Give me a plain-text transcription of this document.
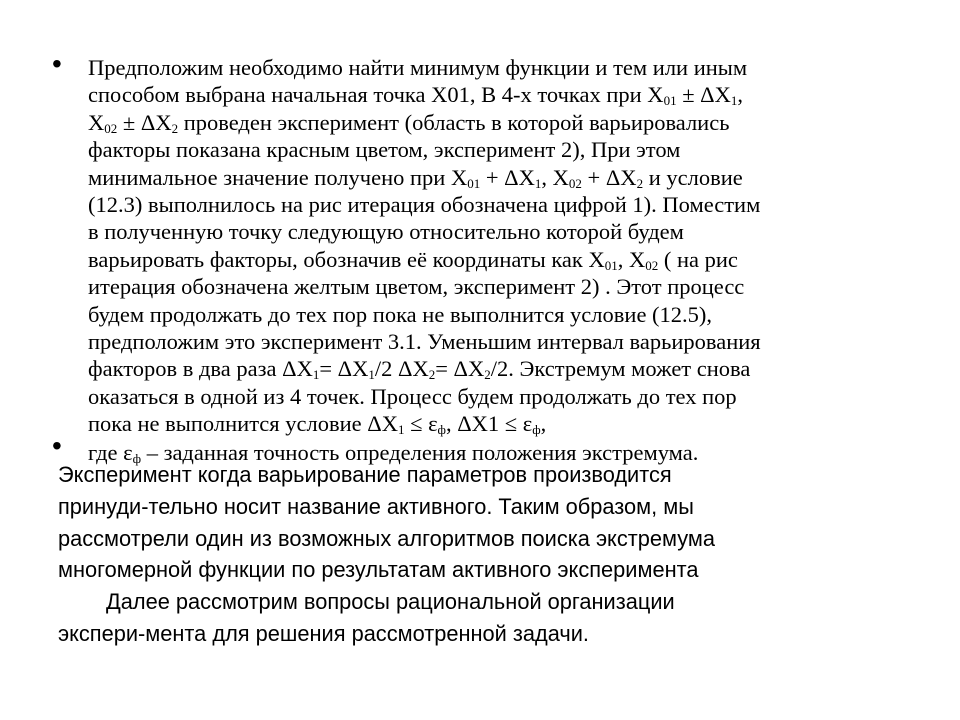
•
•
Предположим необходимо найти минимум функции и тем или иным
способом выбрана начальная точка Х01, В 4-х точках при $Х_{01} \pm \Delta Х_1$,
$Х_{02} \pm \Delta Х_2$ проведен эксперимент (область в которой варьировались
факторы показана красным цветом, эксперимент 2), При этом
минимальное значение получено при $Х_{01} + \Delta Х_1$, $Х_{02} + \Delta Х_2$ и условие
(12.3) выполнилось на рис итерация обозначена цифрой 1). Поместим
в полученную точку следующую относительно которой будем
варьировать факторы, обозначив её координаты как $Х_{01}$, $Х_{02}$ ( на рис
итерация обозначена желтым цветом, эксперимент 2) . Этот процесс
будем продолжать до тех пор пока не выполнится условие (12.5),
предположим это эксперимент 3.1. Уменьшим интервал варьирования
факторов в два раза $\Delta Х_1= \Delta Х_1/2$ $\Delta Х_2= \Delta Х_2/2$. Экстремум может снова
оказаться в одной из 4 точек. Процесс будем продолжать до тех пор
пока не выполнится условие $\Delta Х_1 \le \varepsilon_ф$, $\Delta Х1 \le \varepsilon_ф$,
где $\varepsilon_ф$ – заданная точность определения положения экстремума.
Эксперимент когда варьирование параметров производится
принуди-тельно носит название активного. Таким образом, мы
рассмотрели один из возможных алгоритмов поиска экстремума
многомерной функции по результатам активного эксперимента
Далее рассмотрим вопросы рациональной организации
экспери-мента для решения рассмотренной задачи.
